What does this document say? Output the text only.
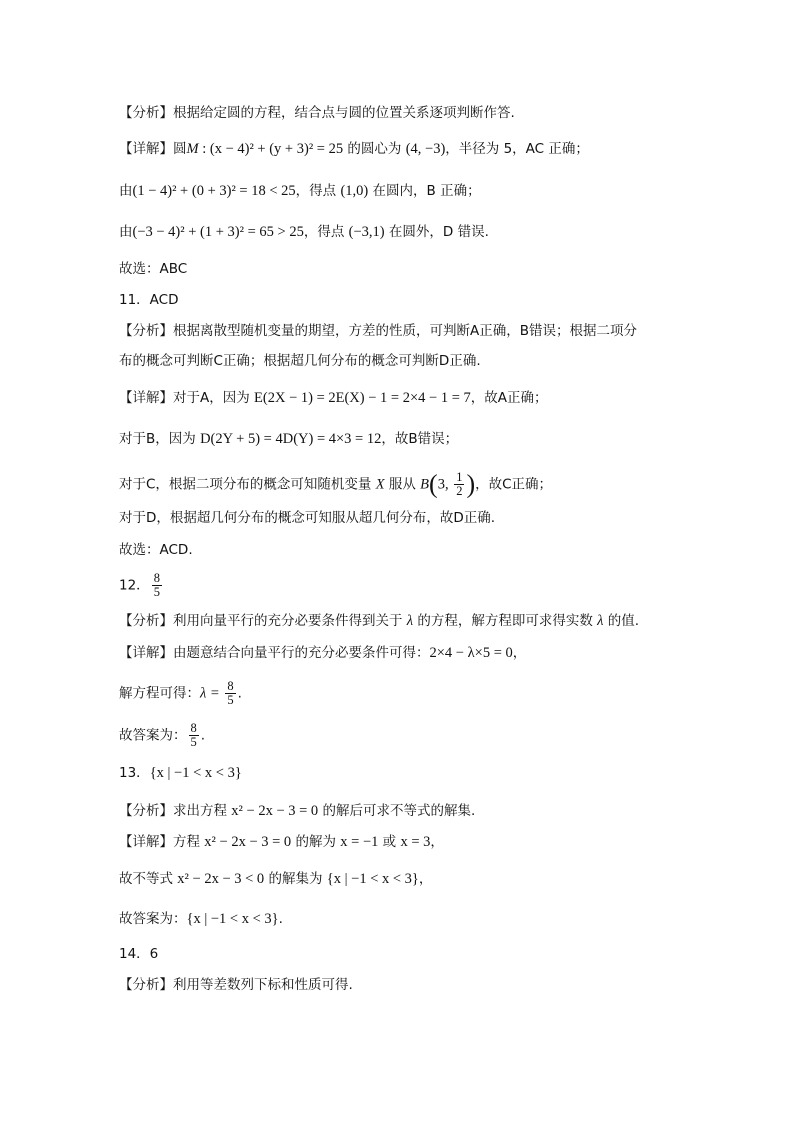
【分析】根据给定圆的方程，结合点与圆的位置关系逐项判断作答.
【详解】圆M : (x − 4)² + (y + 3)² = 25 的圆心为 (4, −3)，半径为 5，AC 正确；
由(1 − 4)² + (0 + 3)² = 18 < 25，得点 (1,0) 在圆内，B 正确；
由(−3 − 4)² + (1 + 3)² = 65 > 25，得点 (−3,1) 在圆外，D 错误.
故选：ABC
11．ACD
【分析】根据离散型随机变量的期望，方差的性质，可判断A正确，B错误；根据二项分
布的概念可判断C正确；根据超几何分布的概念可判断D正确.
【详解】对于A，因为 E(2X − 1) = 2E(X) − 1 = 2×4 − 1 = 7，故A正确；
对于B，因为 D(2Y + 5) = 4D(Y) = 4×3 = 12，故B错误；
对于C，根据二项分布的概念可知随机变量 X 服从 B(3, $\frac{1}{2}$ )，故C正确；
对于D，根据超几何分布的概念可知服从超几何分布，故D正确.
故选：ACD.
12． $\frac{8}{5}$
【分析】利用向量平行的充分必要条件得到关于 λ 的方程，解方程即可求得实数 λ 的值.
【详解】由题意结合向量平行的充分必要条件可得：2×4 − λ×5 = 0，
解方程可得：$\lambda = \frac{8}{5}$ .
故答案为： $\frac{8}{5}$ .
13．{x | −1 < x < 3}
【分析】求出方程 x² − 2x − 3 = 0 的解后可求不等式的解集.
【详解】方程 x² − 2x − 3 = 0 的解为 x = −1 或 x = 3，
故不等式 x² − 2x − 3 < 0 的解集为 {x | −1 < x < 3}，
故答案为：{x | −1 < x < 3}.
14．6
【分析】利用等差数列下标和性质可得.
